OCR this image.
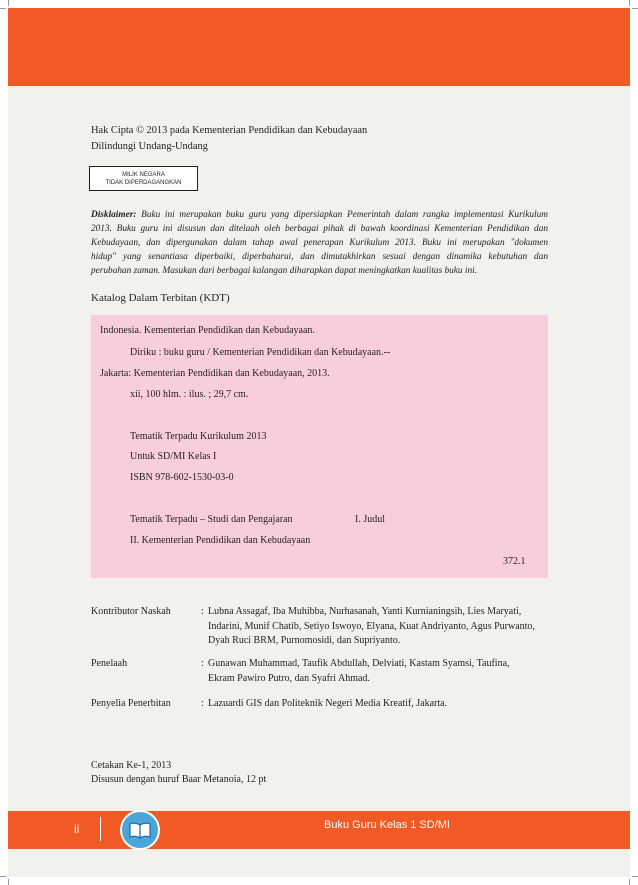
Hak Cipta © 2013 pada Kementerian Pendidikan dan Kebudayaan
Dilindungi Undang-Undang
MILIK NEGARA
TIDAK DIPERDAGANGKAN
Disklaimer: Buku ini merupakan buku guru yang dipersiapkan Pemerintah dalam rangka implementasi Kurikulum
2013. Buku guru ini disusun dan ditelaah oleh berbagai pihak di bawah koordinasi Kementerian Pendidikan dan
Kebudayaan, dan dipergunakan dalam tahap awal penerapan Kurikulum 2013. Buku ini merupakan "dokumen
hidup" yang senantiasa diperbaiki, diperbaharui, dan dimutakhirkan sesuai dengan dinamika kebutuhan dan
perubahan zaman. Masukan dari berbagai kalangan diharapkan dapat meningkatkan kualitas buku ini.
Katalog Dalam Terbitan (KDT)
Indonesia. Kementerian Pendidikan dan Kebudayaan.
Diriku : buku guru / Kementerian Pendidikan dan Kebudayaan.--
Jakarta: Kementerian Pendidikan dan Kebudayaan, 2013.
xii, 100 hlm. : ilus. ; 29,7 cm.
Tematik Terpadu Kurikulum 2013
Untuk SD/MI Kelas I
ISBN 978-602-1530-03-0
Tematik Terpadu – Studi dan Pengajaran	I. Judul
II. Kementerian Pendidikan dan Kebudayaan
372.1
Kontributor Naskah	: Lubna Assagaf, Iba Muhibba, Nurhasanah, Yanti Kurnianingsih, Lies Maryati,
Indarini, Munif Chatib, Setiyo Iswoyo, Elyana, Kuat Andriyanto, Agus Purwanto,
Dyah Ruci BRM, Purnomosidi, dan Supriyanto.
Penelaah	: Gunawan Muhammad, Taufik Abdullah, Delviati, Kastam Syamsi, Taufina,
Ekram Pawiro Putro, dan Syafri Ahmad.
Penyelia Penerbitan	: Lazuardi GIS dan Politeknik Negeri Media Kreatif, Jakarta.
Cetakan Ke-1, 2013
Disusun dengan huruf Baar Metanoia, 12 pt
ii	Buku Guru Kelas 1 SD/MI
